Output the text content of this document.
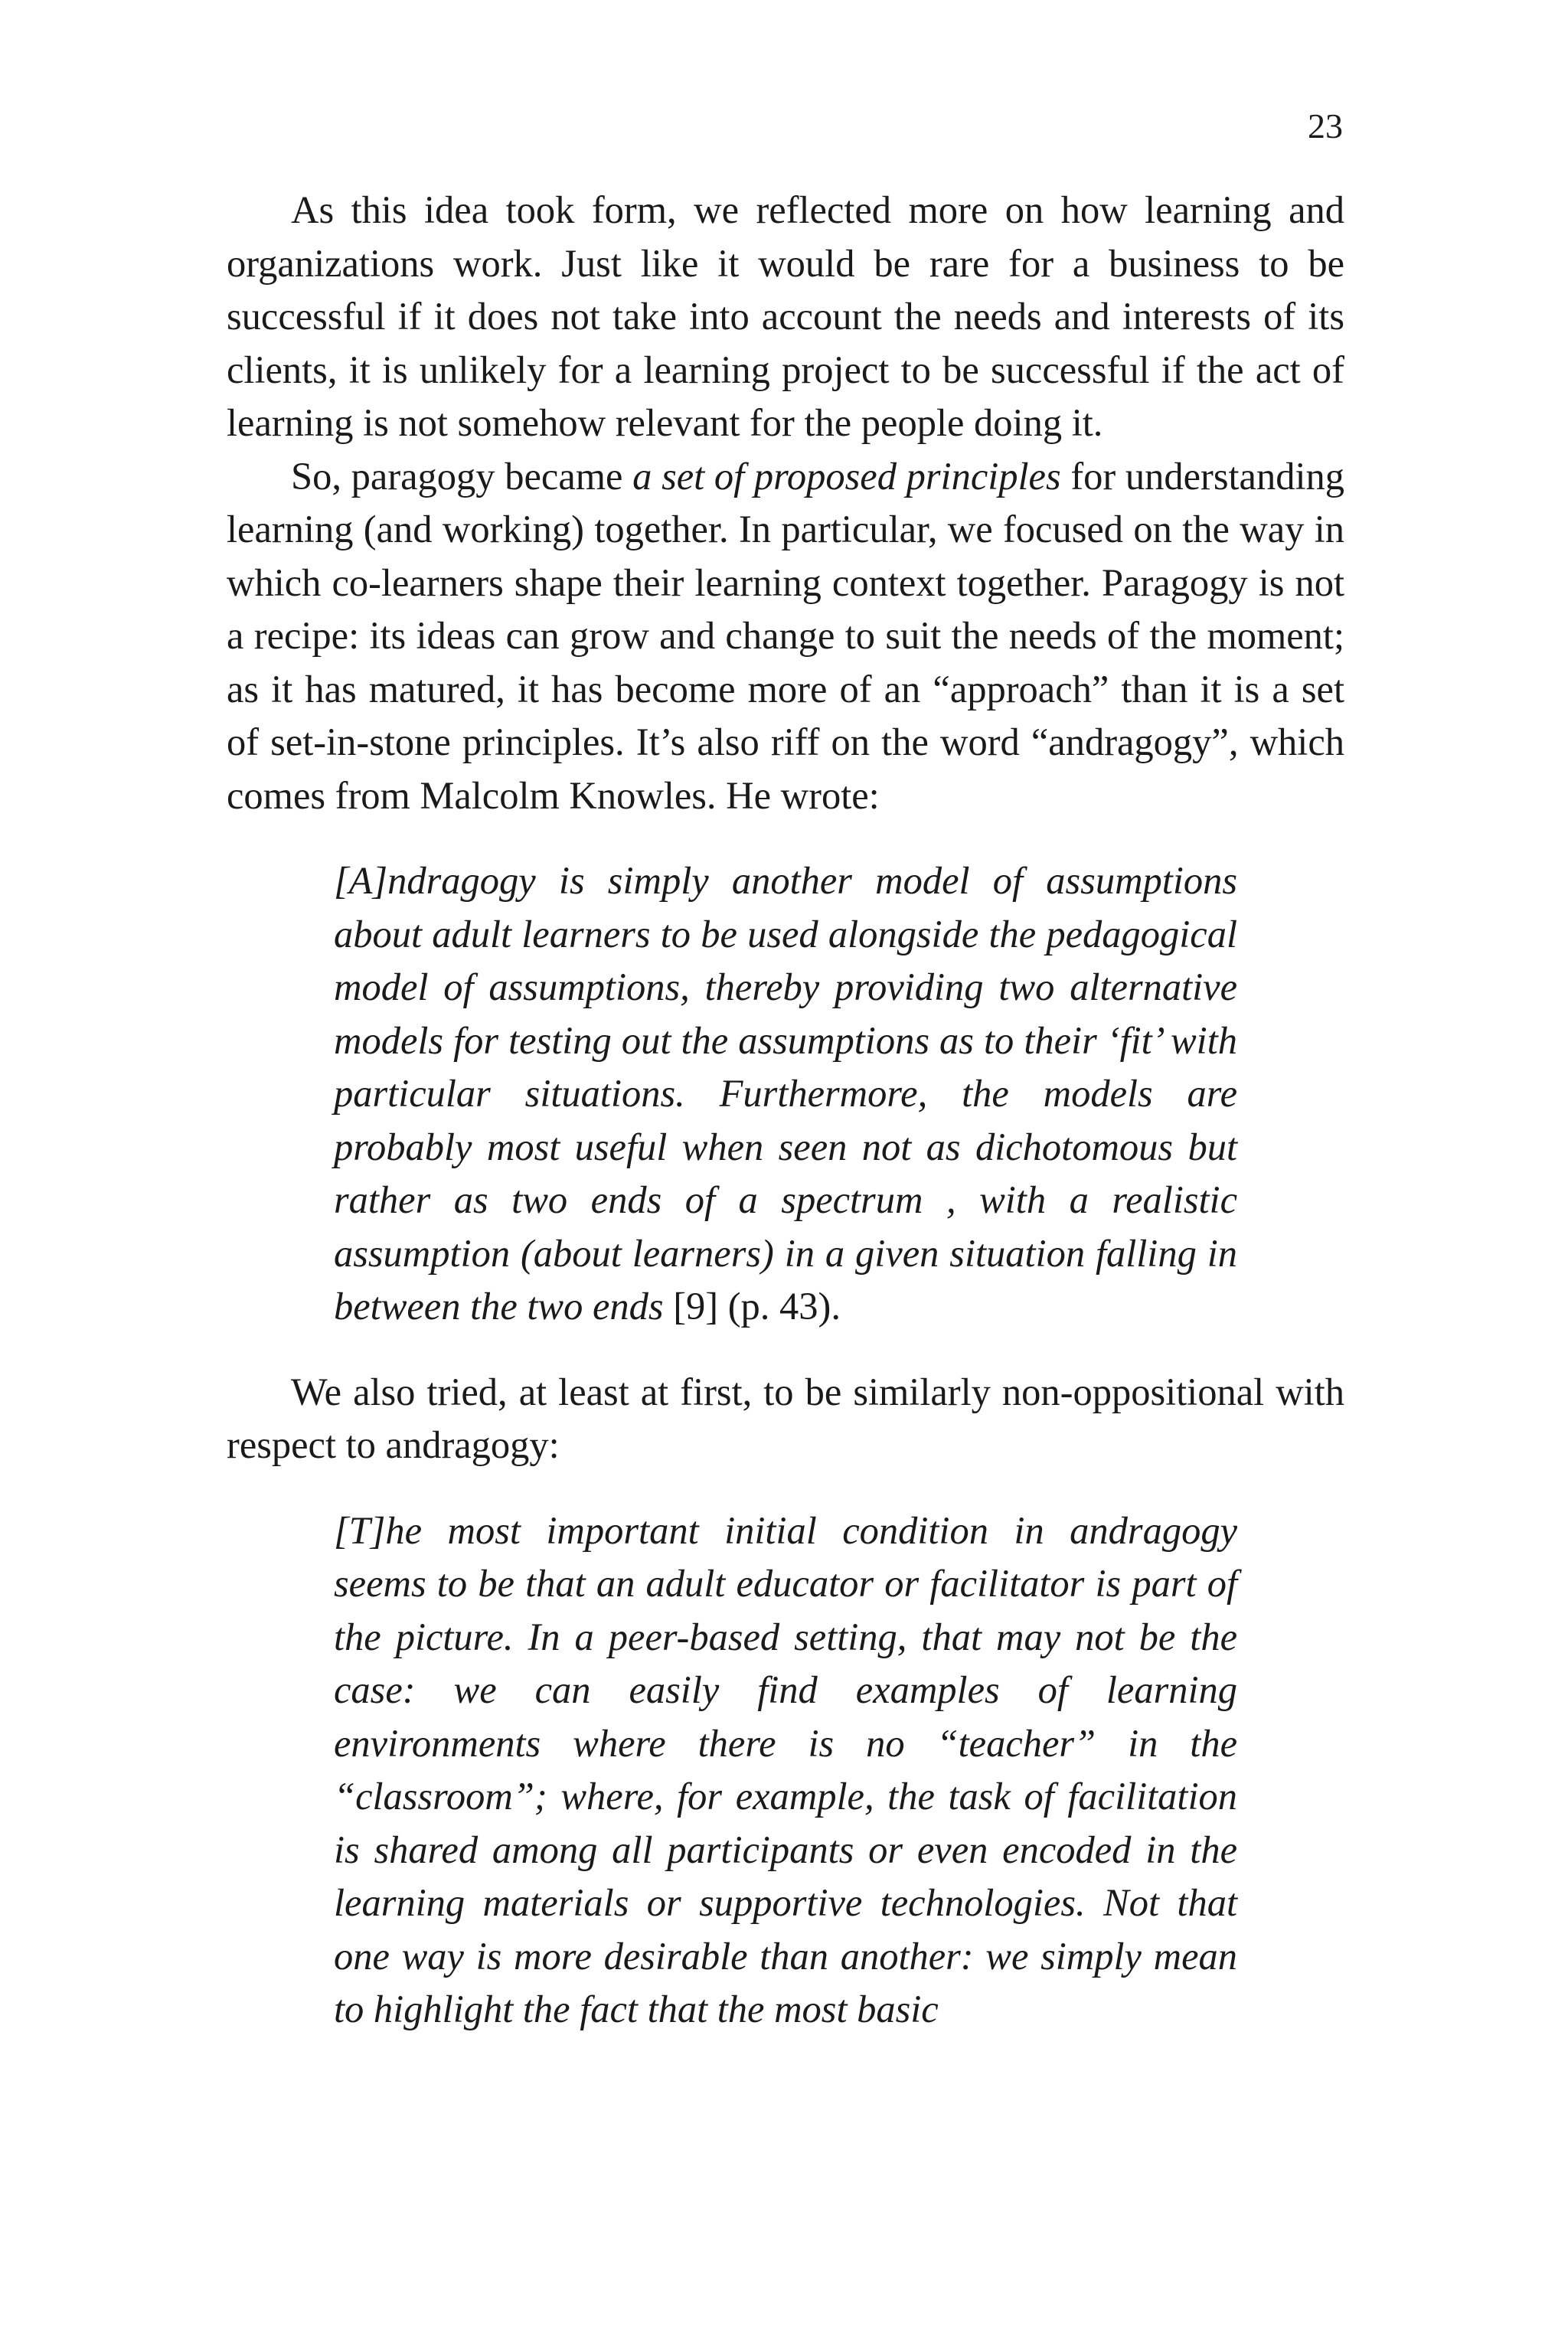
23

As this idea took form, we reflected more on how learning and organizations work. Just like it would be rare for a business to be successful if it does not take into account the needs and interests of its clients, it is unlikely for a learning project to be successful if the act of learning is not somehow relevant for the people doing it.

So, paragogy became a set of proposed principles for understanding learning (and working) together. In particular, we focused on the way in which co-learners shape their learning context together. Paragogy is not a recipe: its ideas can grow and change to suit the needs of the moment; as it has matured, it has become more of an “approach” than it is a set of set-in-stone principles. It’s also riff on the word “andragogy”, which comes from Malcolm Knowles. He wrote:

[A]ndragogy is simply another model of assumptions about adult learners to be used alongside the pedagogical model of assumptions, thereby providing two alternative models for testing out the assumptions as to their ‘fit’ with particular situations. Furthermore, the models are probably most useful when seen not as dichotomous but rather as two ends of a spectrum , with a realistic assumption (about learners) in a given situation falling in between the two ends [9] (p. 43).

We also tried, at least at first, to be similarly non-oppositional with respect to andragogy:

[T]he most important initial condition in andragogy seems to be that an adult educator or facilitator is part of the picture. In a peer-based setting, that may not be the case: we can easily find examples of learning environments where there is no “teacher” in the “classroom”; where, for example, the task of facilitation is shared among all participants or even encoded in the learning materials or supportive technologies. Not that one way is more desirable than another: we simply mean to highlight the fact that the most basic
